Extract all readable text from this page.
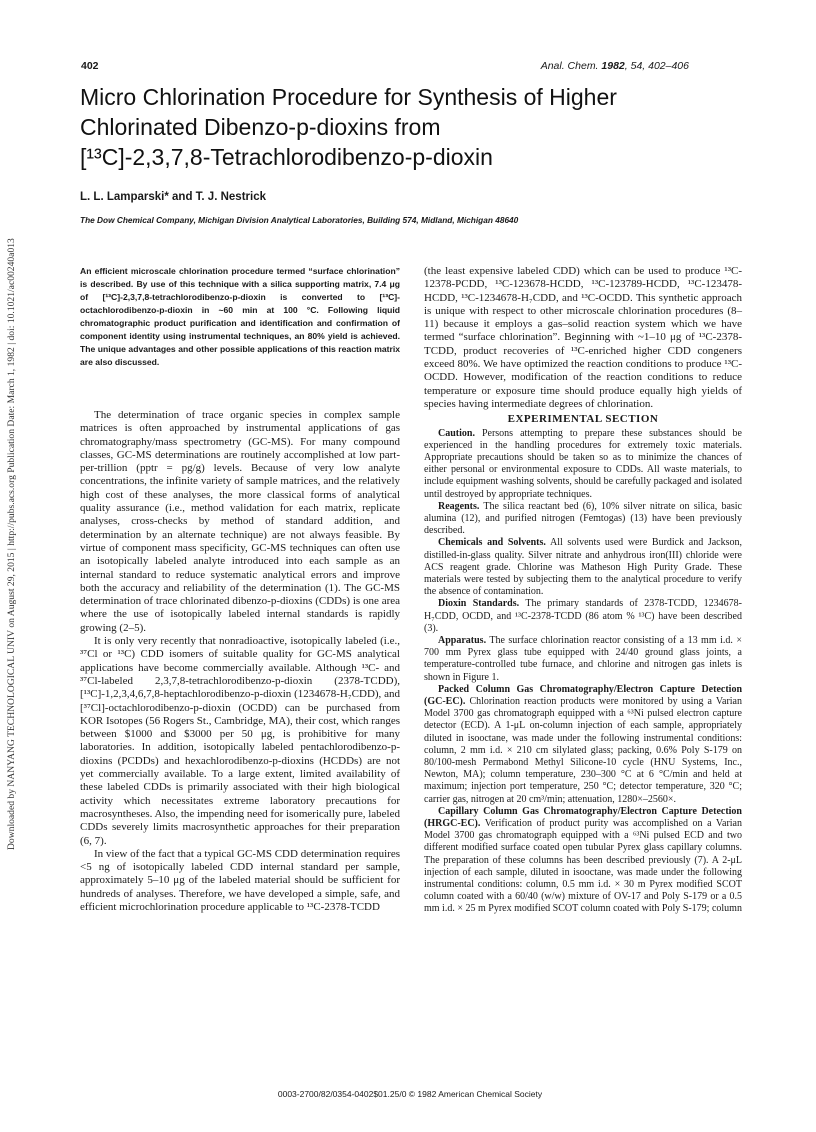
Downloaded by NANYANG TECHNOLOGICAL UNIV on August 29, 2015 | http://pubs.acs.org Publication Date: March 1, 1982 | doi: 10.1021/ac00240a013
402	Anal. Chem. 1982, 54, 402–406
Micro Chlorination Procedure for Synthesis of Higher
Chlorinated Dibenzo-p-dioxins from
[¹³C]-2,3,7,8-Tetrachlorodibenzo-p-dioxin
L. L. Lamparski* and T. J. Nestrick
The Dow Chemical Company, Michigan Division Analytical Laboratories, Building 574, Midland, Michigan 48640
An efficient microscale chlorination procedure termed “surface chlorination” is described. By use of this technique with a silica supporting matrix, 7.4 μg of [¹³C]-2,3,7,8-tetrachlorodibenzo-p-dioxin is converted to [¹³C]-octachlorodibenzo-p-dioxin in ~60 min at 100 °C. Following liquid chromatographic product purification and identification and confirmation of component identity using instrumental techniques, an 80% yield is achieved. The unique advantages and other possible applications of this reaction matrix are also discussed.

The determination of trace organic species in complex sample matrices is often approached by instrumental applications of gas chromatography/mass spectrometry (GC-MS). For many compound classes, GC-MS determinations are routinely accomplished at low part-per-trillion (pptr = pg/g) levels. Because of very low analyte concentrations, the infinite variety of sample matrices, and the relatively high cost of these analyses, the more classical forms of analytical quality assurance (i.e., method validation for each matrix, replicate analyses, cross-checks by method of standard addition, and determination by an alternate technique) are not always feasible. By virtue of component mass specificity, GC-MS techniques can often use an isotopically labeled analyte introduced into each sample as an internal standard to reduce systematic analytical errors and improve both the accuracy and reliability of the determination (1). The GC-MS determination of trace chlorinated dibenzo-p-dioxins (CDDs) is one area where the use of isotopically labeled internal standards is rapidly growing (2–5).

It is only very recently that nonradioactive, isotopically labeled (i.e., ³⁷Cl or ¹³C) CDD isomers of suitable quality for GC-MS analytical applications have become commercially available. Although ¹³C- and ³⁷Cl-labeled 2,3,7,8-tetrachlorodibenzo-p-dioxin (2378-TCDD), [¹³C]-1,2,3,4,6,7,8-heptachlorodibenzo-p-dioxin (1234678-H₇CDD), and [³⁷Cl]-octachlorodibenzo-p-dioxin (OCDD) can be purchased from KOR Isotopes (56 Rogers St., Cambridge, MA), their cost, which ranges between $1000 and $3000 per 50 μg, is prohibitive for many laboratories. In addition, isotopically labeled pentachlorodibenzo-p-dioxins (PCDDs) and hexachlorodibenzo-p-dioxins (HCDDs) are not yet commercially available. To a large extent, limited availability of these labeled CDDs is primarily associated with their high biological activity which necessitates extreme laboratory precautions for macrosyntheses. Also, the impending need for isomerically pure, labeled CDDs severely limits macrosynthetic approaches for their preparation (6, 7).

In view of the fact that a typical GC-MS CDD determination requires <5 ng of isotopically labeled CDD internal standard per sample, approximately 5–10 μg of the labeled material should be sufficient for hundreds of analyses. Therefore, we have developed a simple, safe, and efficient microchlorination procedure applicable to ¹³C-2378-TCDD

(the least expensive labeled CDD) which can be used to produce ¹³C-12378-PCDD, ¹³C-123678-HCDD, ¹³C-123789-HCDD, ¹³C-123478-HCDD, ¹³C-1234678-H₇CDD, and ¹³C-OCDD. This synthetic approach is unique with respect to other microscale chlorination procedures (8–11) because it employs a gas–solid reaction system which we have termed “surface chlorination”. Beginning with ~1–10 μg of ¹³C-2378-TCDD, product recoveries of ¹³C-enriched higher CDD congeners exceed 80%. We have optimized the reaction conditions to produce ¹³C-OCDD. However, modification of the reaction conditions to reduce temperature or exposure time should produce equally high yields of species having intermediate degrees of chlorination.

EXPERIMENTAL SECTION

Caution. Persons attempting to prepare these substances should be experienced in the handling procedures for extremely toxic materials. Appropriate precautions should be taken so as to minimize the chances of either personal or environmental exposure to CDDs. All waste materials, to include equipment washing solvents, should be carefully packaged and isolated until destroyed by appropriate techniques.

Reagents. The silica reactant bed (6), 10% silver nitrate on silica, basic alumina (12), and purified nitrogen (Femtogas) (13) have been previously described.

Chemicals and Solvents. All solvents used were Burdick and Jackson, distilled-in-glass quality. Silver nitrate and anhydrous iron(III) chloride were ACS reagent grade. Chlorine was Matheson High Purity Grade. These materials were tested by subjecting them to the analytical procedure to verify the absence of contamination.

Dioxin Standards. The primary standards of 2378-TCDD, 1234678-H₇CDD, OCDD, and ¹³C-2378-TCDD (86 atom % ¹³C) have been described (3).

Apparatus. The surface chlorination reactor consisting of a 13 mm i.d. × 700 mm Pyrex glass tube equipped with 24/40 ground glass joints, a temperature-controlled tube furnace, and chlorine and nitrogen gas inlets is shown in Figure 1.

Packed Column Gas Chromatography/Electron Capture Detection (GC-EC). Chlorination reaction products were monitored by using a Varian Model 3700 gas chromatograph equipped with a ⁶³Ni pulsed electron capture detector (ECD). A 1-μL on-column injection of each sample, appropriately diluted in isooctane, was made under the following instrumental conditions: column, 2 mm i.d. × 210 cm silylated glass; packing, 0.6% Poly S-179 on 80/100-mesh Permabond Methyl Silicone-10 cycle (HNU Systems, Inc., Newton, MA); column temperature, 230–300 °C at 6 °C/min and held at maximum; injection port temperature, 250 °C; detector temperature, 320 °C; carrier gas, nitrogen at 20 cm³/min; attenuation, 1280×–2560×.

Capillary Column Gas Chromatography/Electron Capture Detection (HRGC-EC). Verification of product purity was accomplished on a Varian Model 3700 gas chromatograph equipped with a ⁶³Ni pulsed ECD and two different modified surface coated open tubular Pyrex glass capillary columns. The preparation of these columns has been described previously (7). A 2-μL injection of each sample, diluted in isooctane, was made under the following instrumental conditions: column, 0.5 mm i.d. × 30 m Pyrex modified SCOT column coated with a 60/40 (w/w) mixture of OV-17 and Poly S-179 or a 0.5 mm i.d. × 25 m Pyrex modified SCOT column coated with Poly S-179; column

0003-2700/82/0354-0402$01.25/0 © 1982 American Chemical Society
